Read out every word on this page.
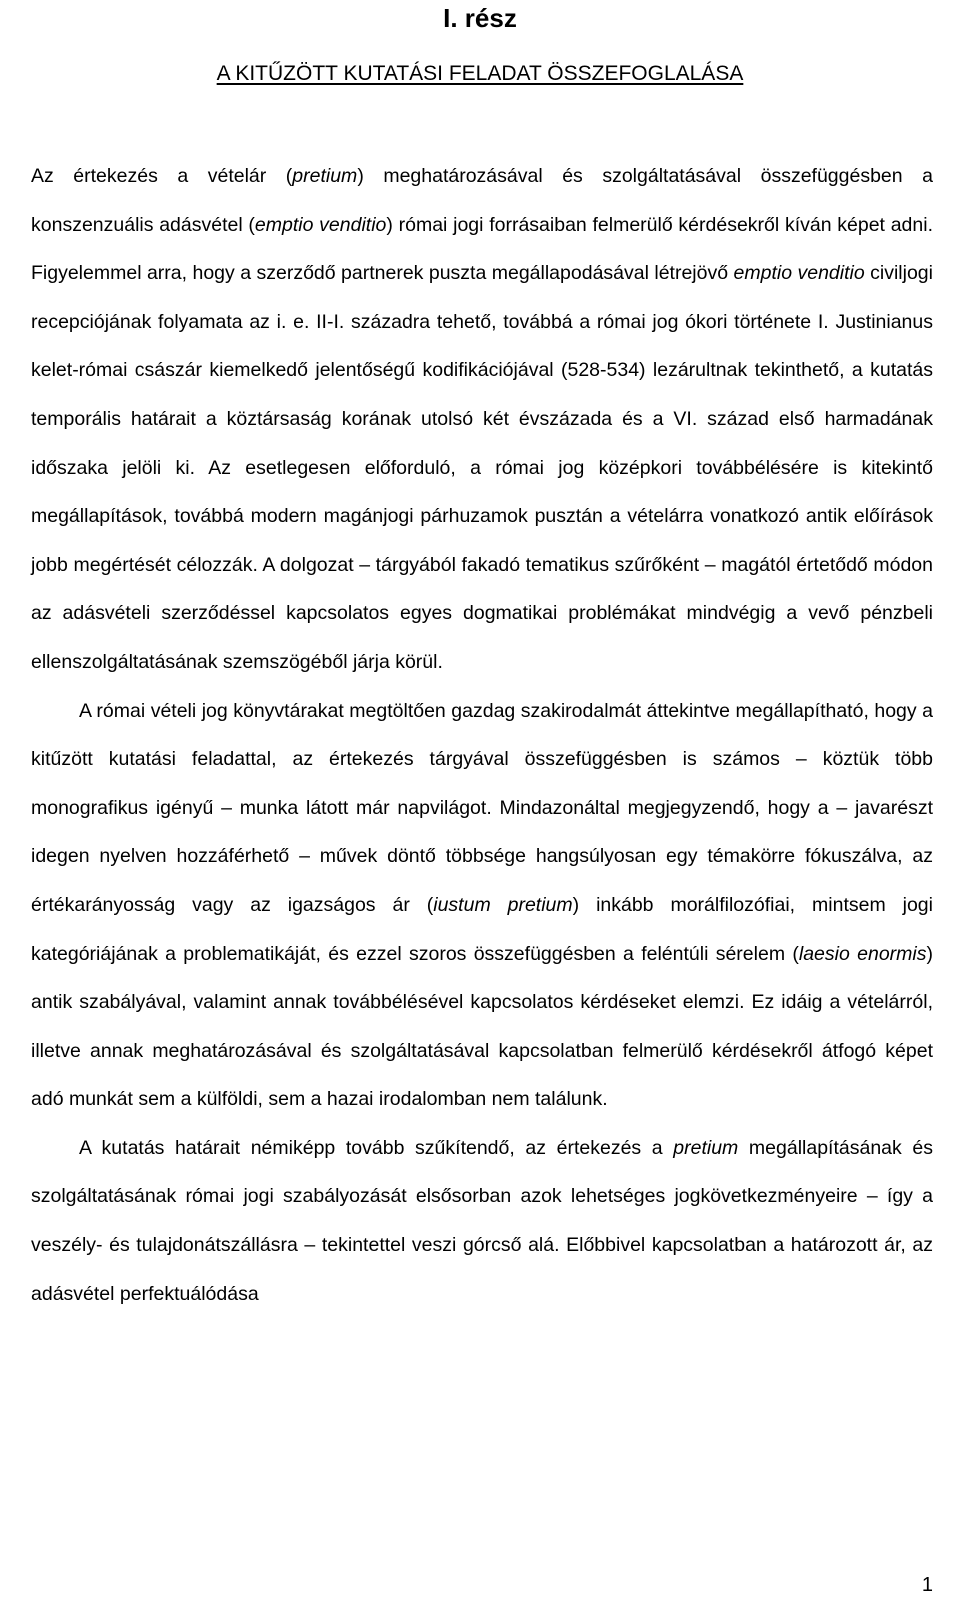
I. rész
A KITŰZÖTT KUTATÁSI FELADAT ÖSSZEFOGLALÁSA

Az értekezés a vételár (pretium) meghatározásával és szolgáltatásával összefüggésben a konszenzuális adásvétel (emptio venditio) római jogi forrásaiban felmerülő kérdésekről kíván képet adni. Figyelemmel arra, hogy a szerződő partnerek puszta megállapodásával létrejövő emptio venditio civiljogi recepciójának folyamata az i. e. II-I. századra tehető, továbbá a római jog ókori története I. Justinianus kelet-római császár kiemelkedő jelentőségű kodifikációjával (528-534) lezárultnak tekinthető, a kutatás temporális határait a köztársaság korának utolsó két évszázada és a VI. század első harmadának időszaka jelöli ki. Az esetlegesen előforduló, a római jog középkori továbbélésére is kitekintő megállapítások, továbbá modern magánjogi párhuzamok pusztán a vételárra vonatkozó antik előírások jobb megértését célozzák. A dolgozat – tárgyából fakadó tematikus szűrőként – magától értetődő módon az adásvételi szerződéssel kapcsolatos egyes dogmatikai problémákat mindvégig a vevő pénzbeli ellenszolgáltatásának szemszögéből járja körül.

A római vételi jog könyvtárakat megtöltően gazdag szakirodalmát áttekintve megállapítható, hogy a kitűzött kutatási feladattal, az értekezés tárgyával összefüggésben is számos – köztük több monografikus igényű – munka látott már napvilágot. Mindazonáltal megjegyzendő, hogy a – javarészt idegen nyelven hozzáférhető – művek döntő többsége hangsúlyosan egy témakörre fókuszálva, az értékarányosság vagy az igazságos ár (iustum pretium) inkább morálfilozófiai, mintsem jogi kategóriájának a problematikáját, és ezzel szoros összefüggésben a feléntúli sérelem (laesio enormis) antik szabályával, valamint annak továbbélésével kapcsolatos kérdéseket elemzi. Ez idáig a vételárról, illetve annak meghatározásával és szolgáltatásával kapcsolatban felmerülő kérdésekről átfogó képet adó munkát sem a külföldi, sem a hazai irodalomban nem találunk.

A kutatás határait némiképp tovább szűkítendő, az értekezés a pretium megállapításának és szolgáltatásának római jogi szabályozását elsősorban azok lehetséges jogkövetkezményeire – így a veszély- és tulajdonátszállásra – tekintettel veszi górcső alá. Előbbivel kapcsolatban a határozott ár, az adásvétel perfektuálódása

1
